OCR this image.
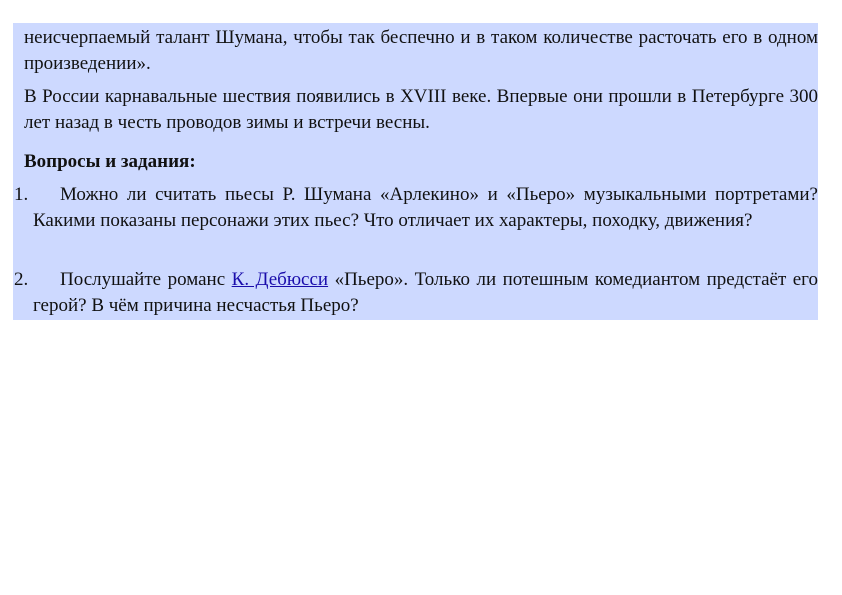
неисчерпаемый талант Шумана, чтобы так беспечно и в таком количестве расточать его в одном произведении».

В России карнавальные шествия появились в XVIII веке. Впервые они прошли в Петербурге 300 лет назад в честь проводов зимы и встречи весны.

Вопросы и задания:

1.	Можно ли считать пьесы Р. Шумана «Арлекино» и «Пьеро» музыкальными портретами? Какими показаны персонажи этих пьес? Что отличает их характеры, походку, движения?

2.	Послушайте романс К. Дебюсси «Пьеро». Только ли потешным комедиантом предстаёт его герой? В чём причина несчастья Пьеро?
